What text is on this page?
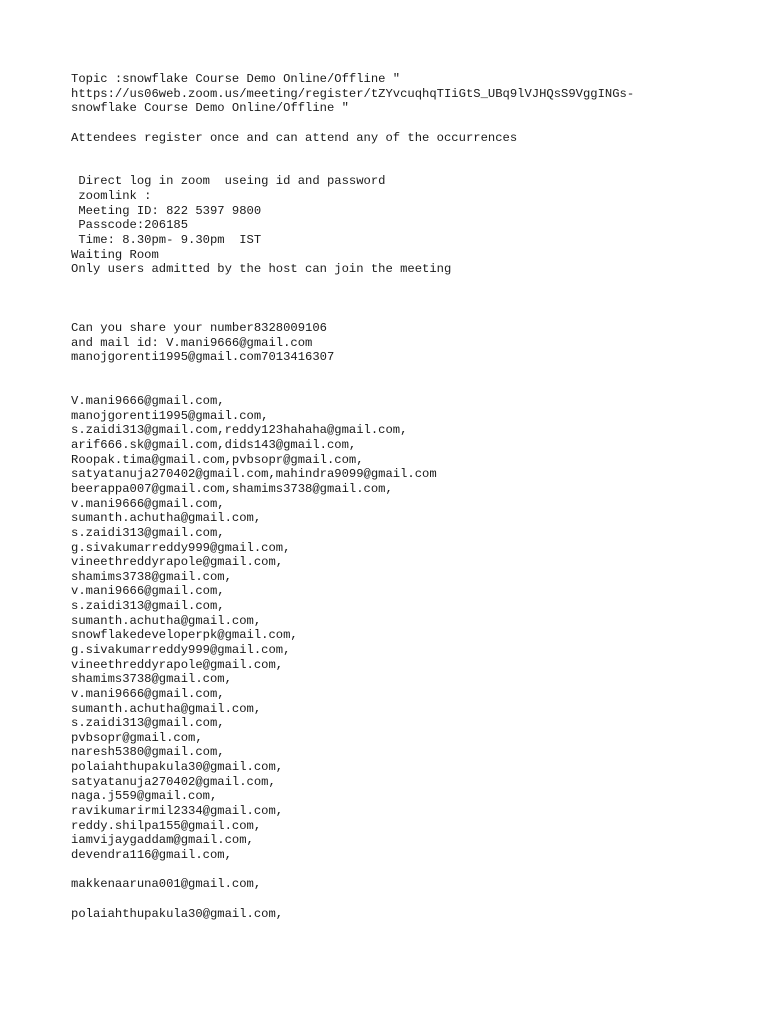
Topic :snowflake Course Demo Online/Offline "
https://us06web.zoom.us/meeting/register/tZYvcuqhqTIiGtS_UBq9lVJHQsS9VggINGs-
snowflake Course Demo Online/Offline "
Attendees register once and can attend any of the occurrences
Direct log in zoom  useing id and password
zoomlink :
Meeting ID: 822 5397 9800
Passcode:206185
Time: 8.30pm- 9.30pm  IST
Waiting Room
Only users admitted by the host can join the meeting
Can you share your number8328009106
and mail id: V.mani9666@gmail.com
manojgorenti1995@gmail.com7013416307
V.mani9666@gmail.com,
manojgorenti1995@gmail.com,
s.zaidi313@gmail.com,reddy123hahaha@gmail.com,
arif666.sk@gmail.com,dids143@gmail.com,
Roopak.tima@gmail.com,pvbsopr@gmail.com,
satyatanuja270402@gmail.com,mahindra9099@gmail.com
beerappa007@gmail.com,shamims3738@gmail.com,
v.mani9666@gmail.com,
sumanth.achutha@gmail.com,
s.zaidi313@gmail.com,
g.sivakumarreddy999@gmail.com,
vineethreddyrapole@gmail.com,
shamims3738@gmail.com,
v.mani9666@gmail.com,
s.zaidi313@gmail.com,
sumanth.achutha@gmail.com,
snowflakedeveloperpk@gmail.com,
g.sivakumarreddy999@gmail.com,
vineethreddyrapole@gmail.com,
shamims3738@gmail.com,
v.mani9666@gmail.com,
sumanth.achutha@gmail.com,
s.zaidi313@gmail.com,
pvbsopr@gmail.com,
naresh5380@gmail.com,
polaiahthupakula30@gmail.com,
satyatanuja270402@gmail.com,
naga.j559@gmail.com,
ravikumarirmil2334@gmail.com,
reddy.shilpa155@gmail.com,
iamvijaygaddam@gmail.com,
devendra116@gmail.com,
makkenaaruna001@gmail.com,
polaiahthupakula30@gmail.com,
